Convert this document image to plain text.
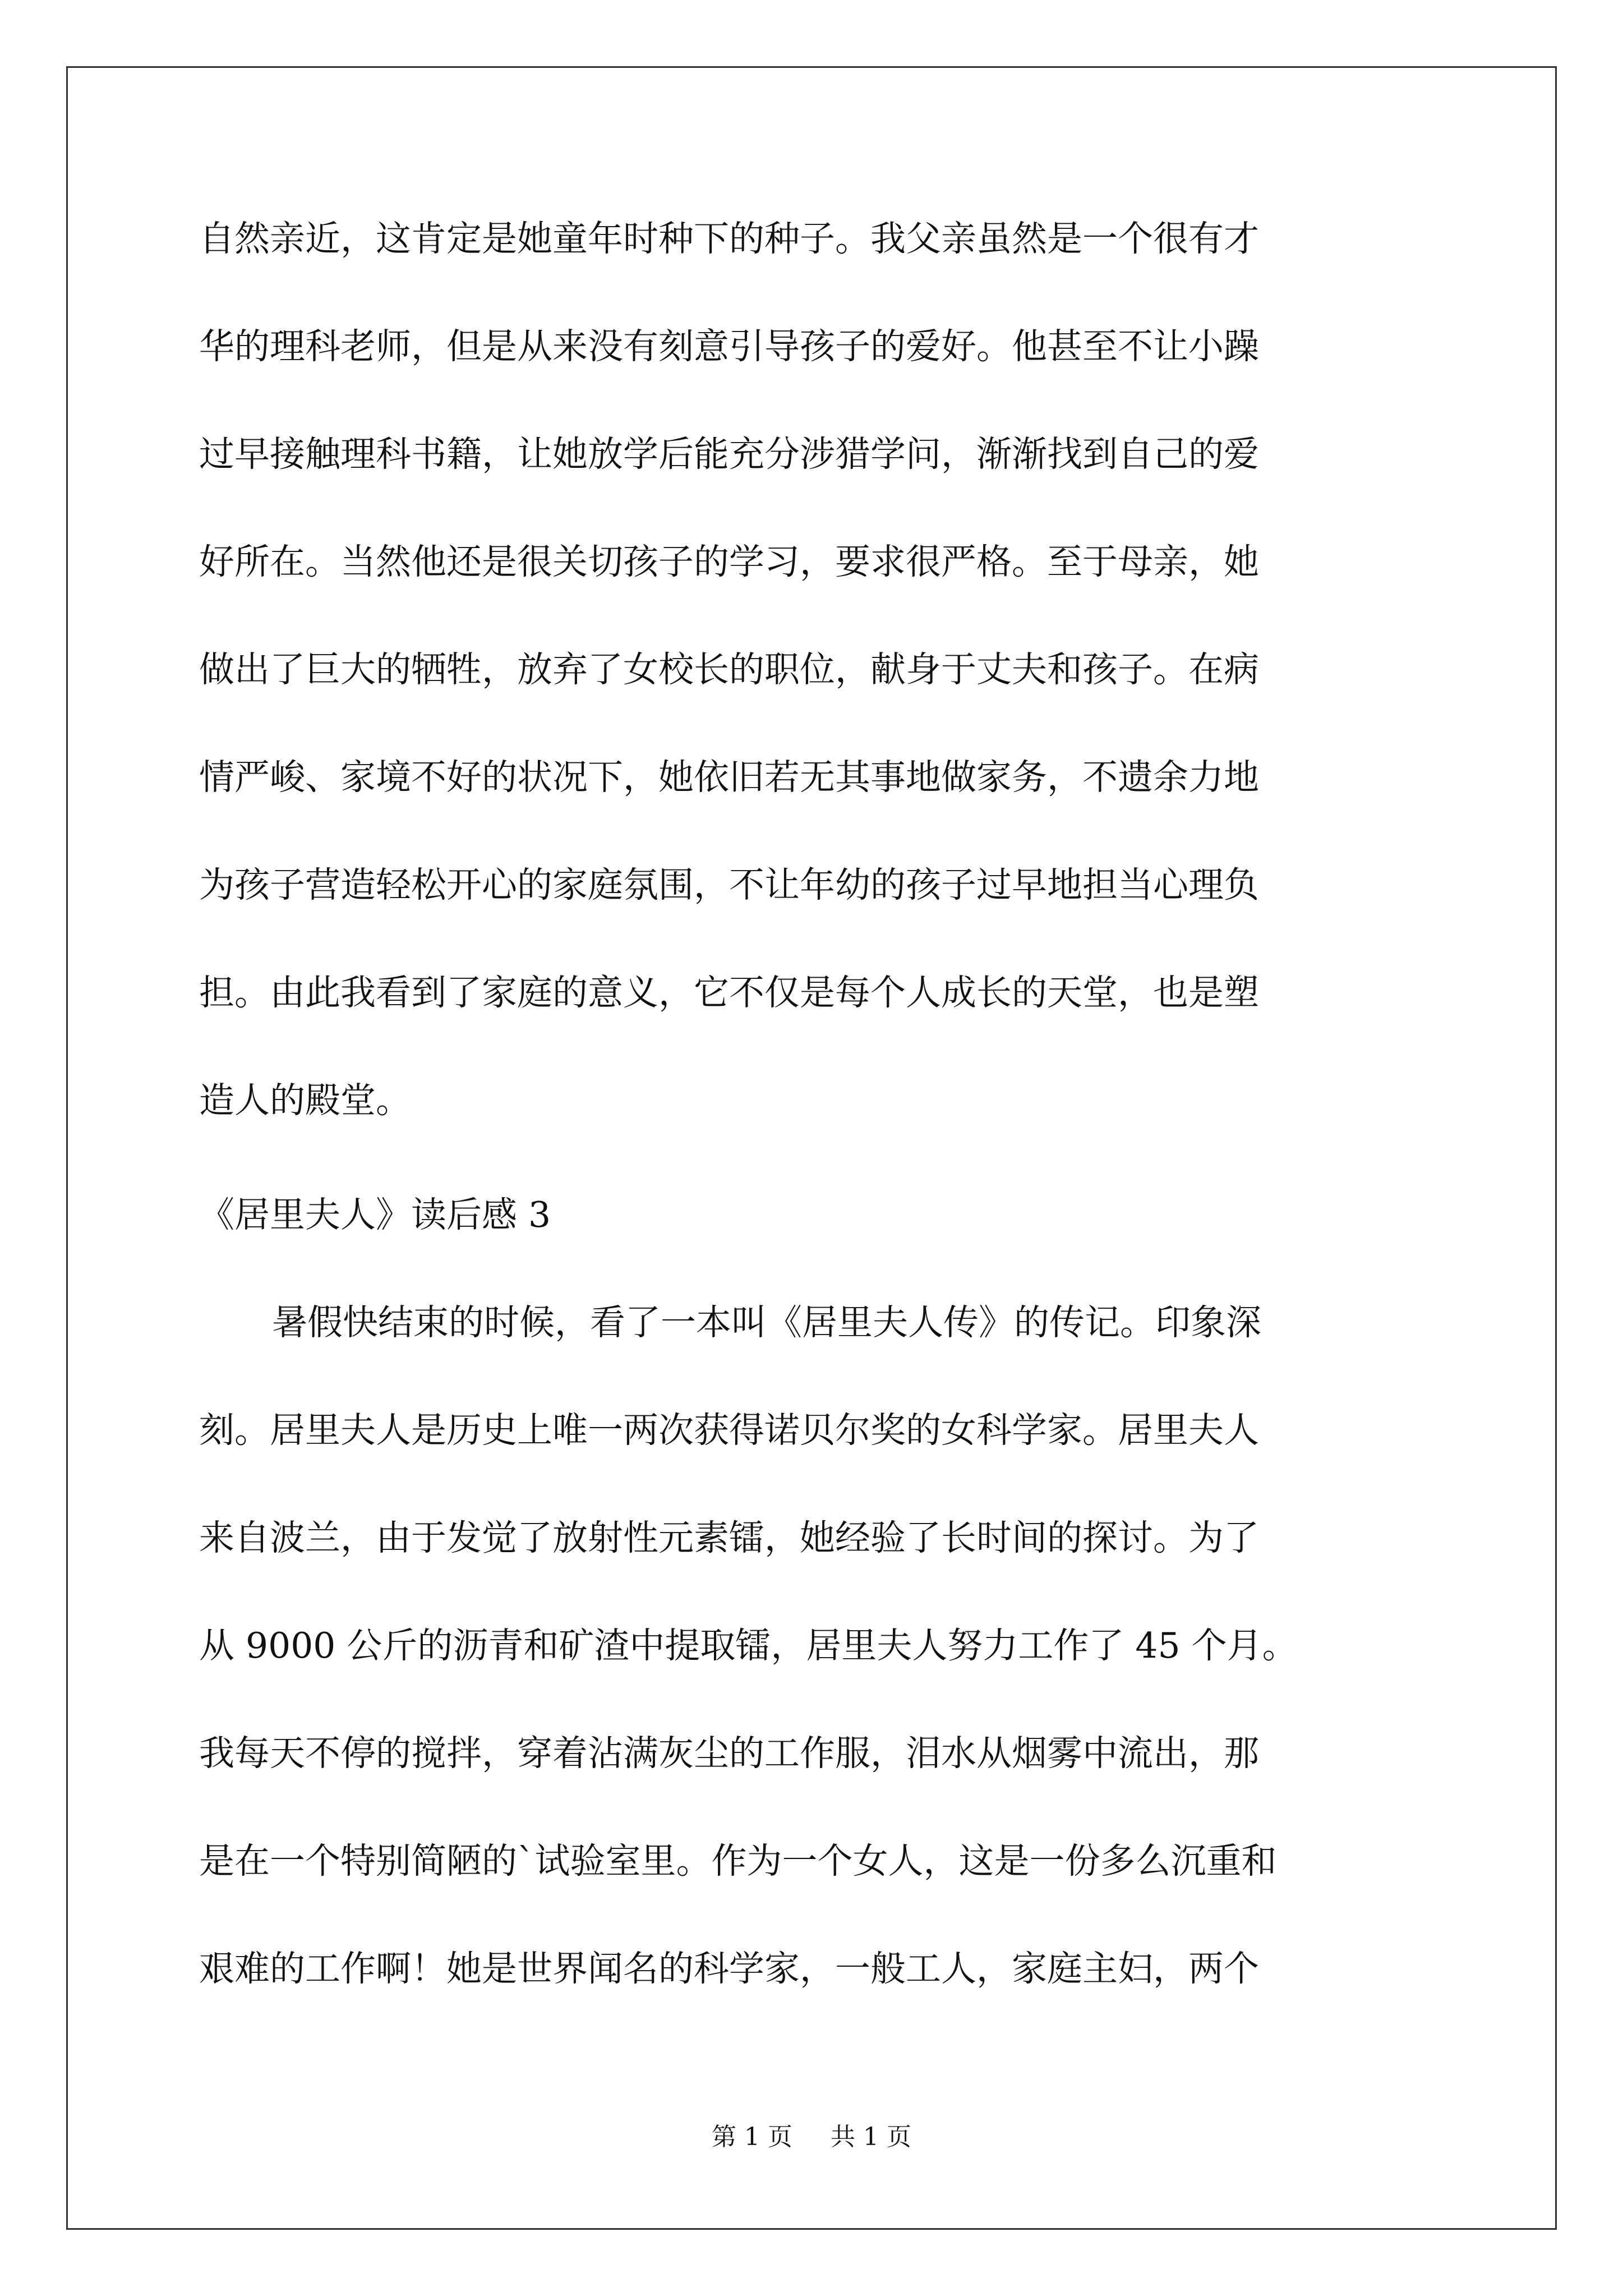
自然亲近，这肯定是她童年时种下的种子。我父亲虽然是一个很有才
华的理科老师，但是从来没有刻意引导孩子的爱好。他甚至不让小躁
过早接触理科书籍，让她放学后能充分涉猎学问，渐渐找到自己的爱
好所在。当然他还是很关切孩子的学习，要求很严格。至于母亲，她
做出了巨大的牺牲，放弃了女校长的职位，献身于丈夫和孩子。在病
情严峻、家境不好的状况下，她依旧若无其事地做家务，不遗余力地
为孩子营造轻松开心的家庭氛围，不让年幼的孩子过早地担当心理负
担。由此我看到了家庭的意义，它不仅是每个人成长的天堂，也是塑
造人的殿堂。
《居里夫人》读后感 3
暑假快结束的时候，看了一本叫《居里夫人传》的传记。印象深
刻。居里夫人是历史上唯一两次获得诺贝尔奖的女科学家。居里夫人
来自波兰，由于发觉了放射性元素镭，她经验了长时间的探讨。为了
从 9000 公斤的沥青和矿渣中提取镭，居里夫人努力工作了 45 个月。
我每天不停的搅拌，穿着沾满灰尘的工作服，泪水从烟雾中流出，那
是在一个特别简陋的`试验室里。作为一个女人，这是一份多么沉重和
艰难的工作啊！她是世界闻名的科学家，一般工人，家庭主妇，两个
第 1 页 共 1 页
